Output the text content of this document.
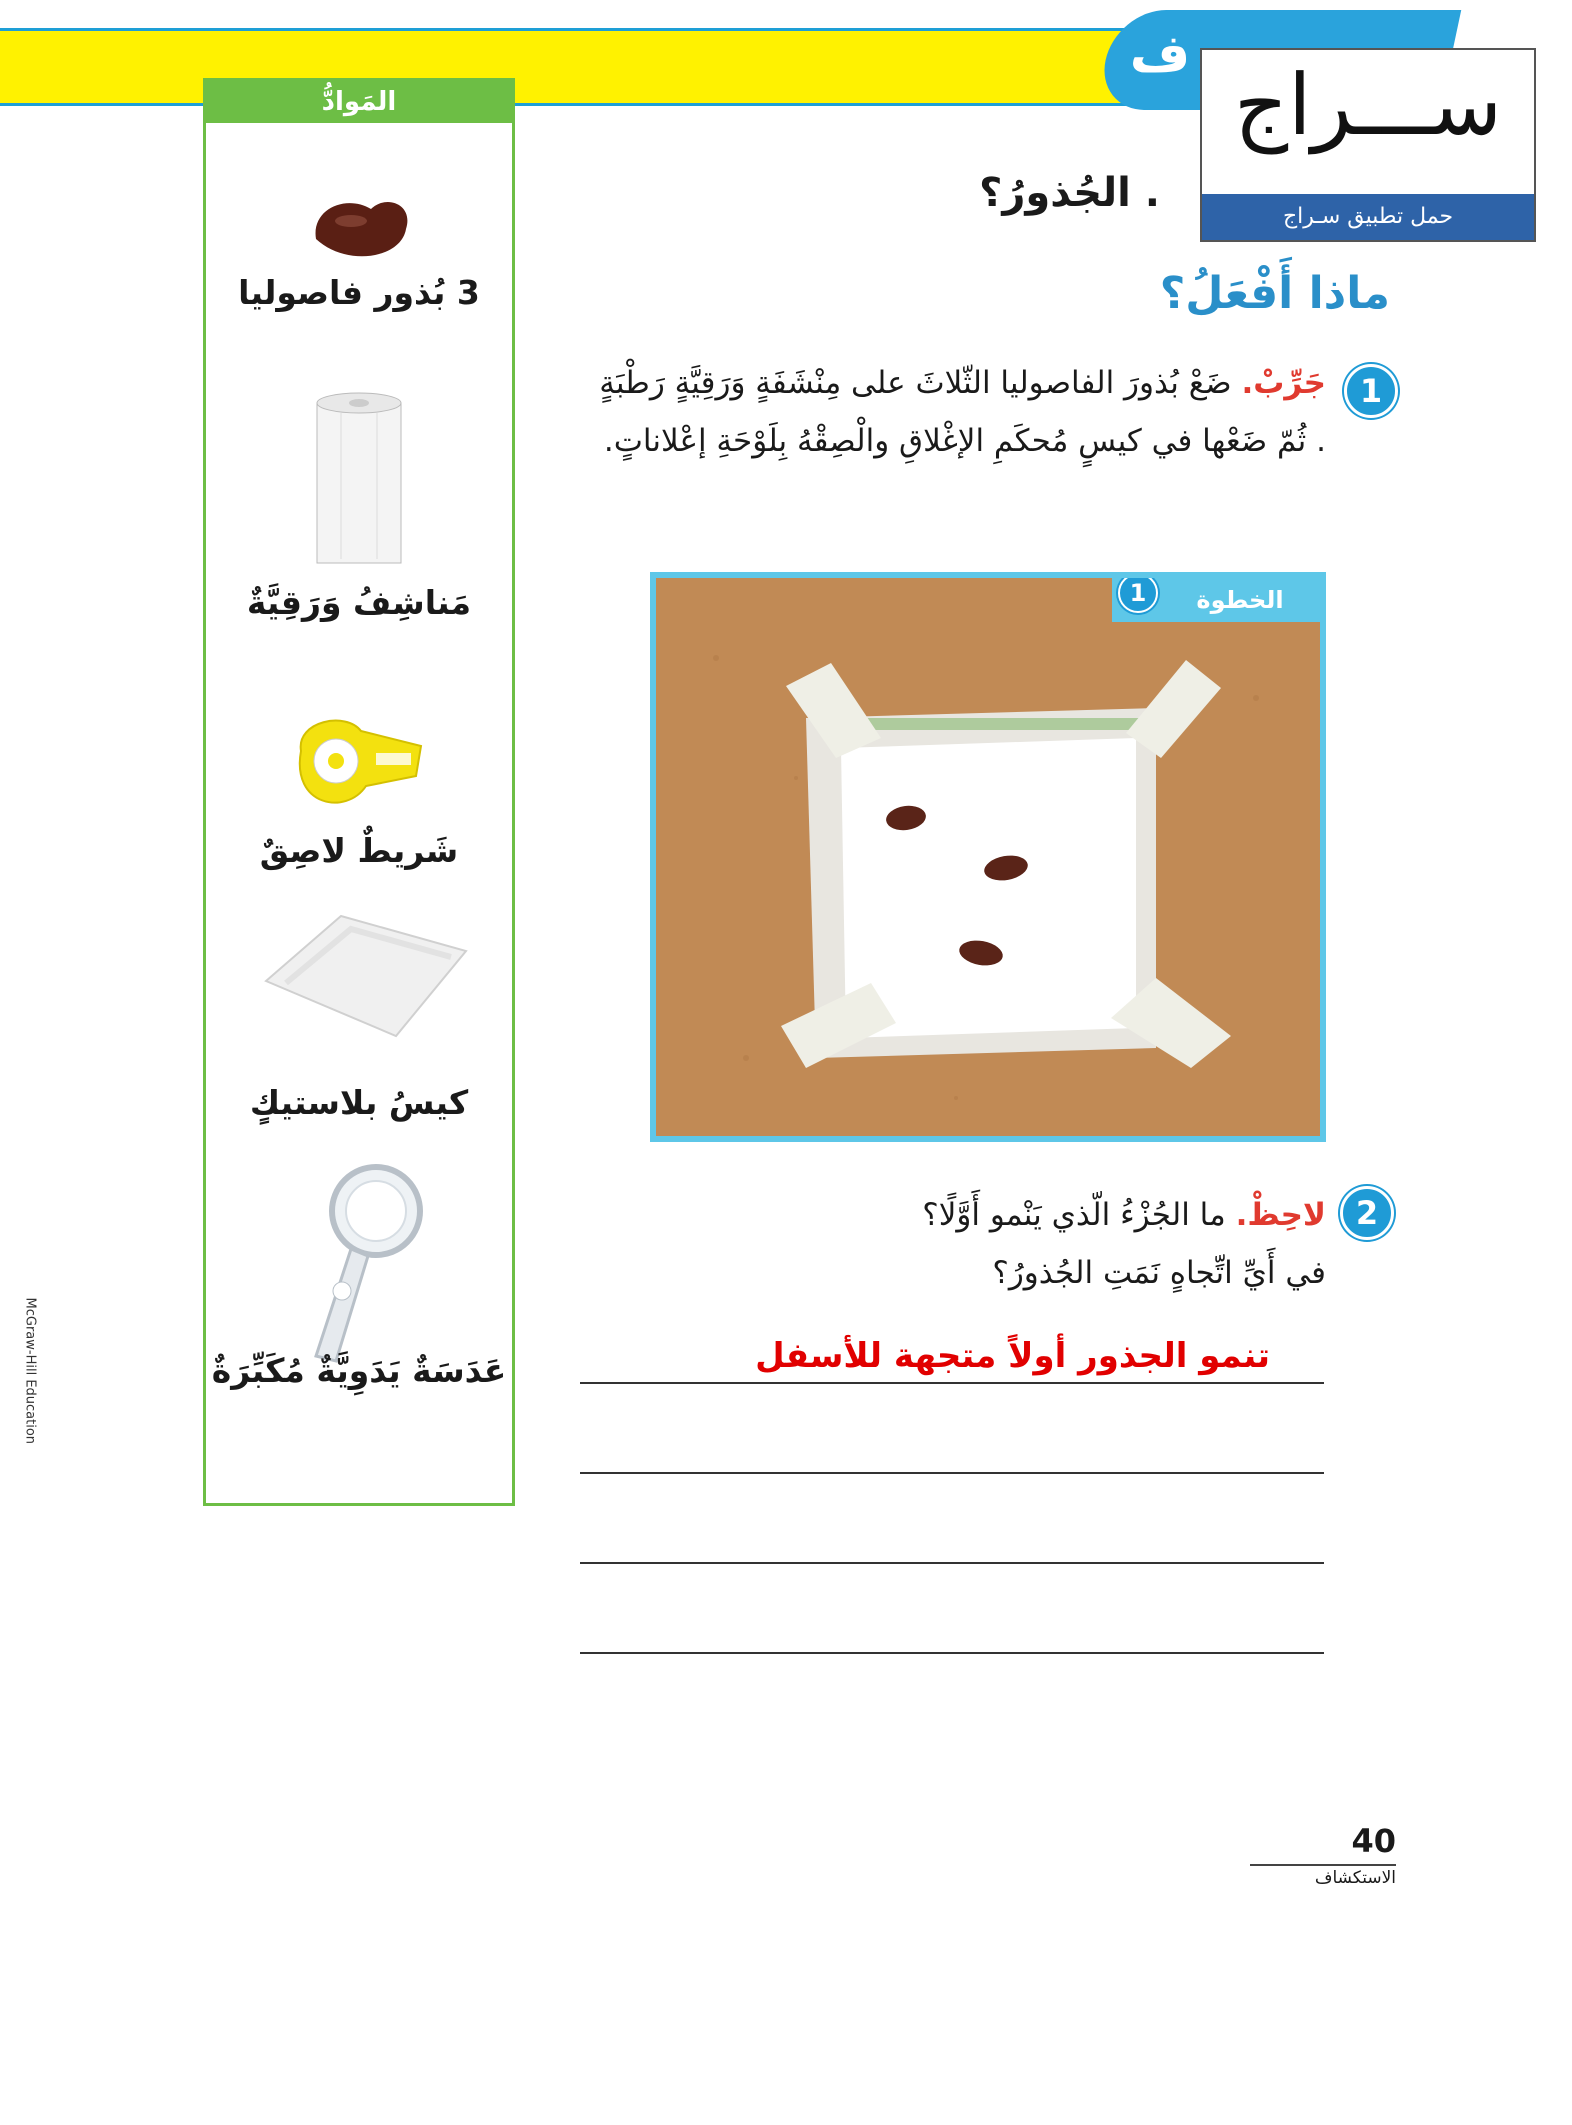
ف
ســـراج
حمل تطبيق سـراج
المَوادُّ
3 بُذور فاصوليا
مَناشِفُ وَرَقِيَّةٌ
شَريطٌ لاصِقٌ
كيسُ بلاستيكٍ
عَدَسَةٌ يَدَوِيَّةٌ مُكَبِّرَةٌ
. الجُذورُ؟
ماذا أَفْعَلُ؟
1
جَرِّبْ. ضَعْ بُذورَ الفاصوليا الثّلاثَ على مِنْشَفَةٍ وَرَقِيَّةٍ رَطْبَةٍ . ثُمّ ضَعْها في كيسٍ مُحكَمِ الإغْلاقِ والْصِقْهُ بِلَوْحَةِ إعْلاناتٍ.
1	الخطوة
2
لاحِظْ. ما الجُزْءُ الّذي يَنْمو أَوَّلًا؟
في أَيِّ اتِّجاهٍ نَمَتِ الجُذورُ؟
تنمو الجذور أولاً متجهة للأسفل
40
الاستكشاف
McGraw-Hill Education
